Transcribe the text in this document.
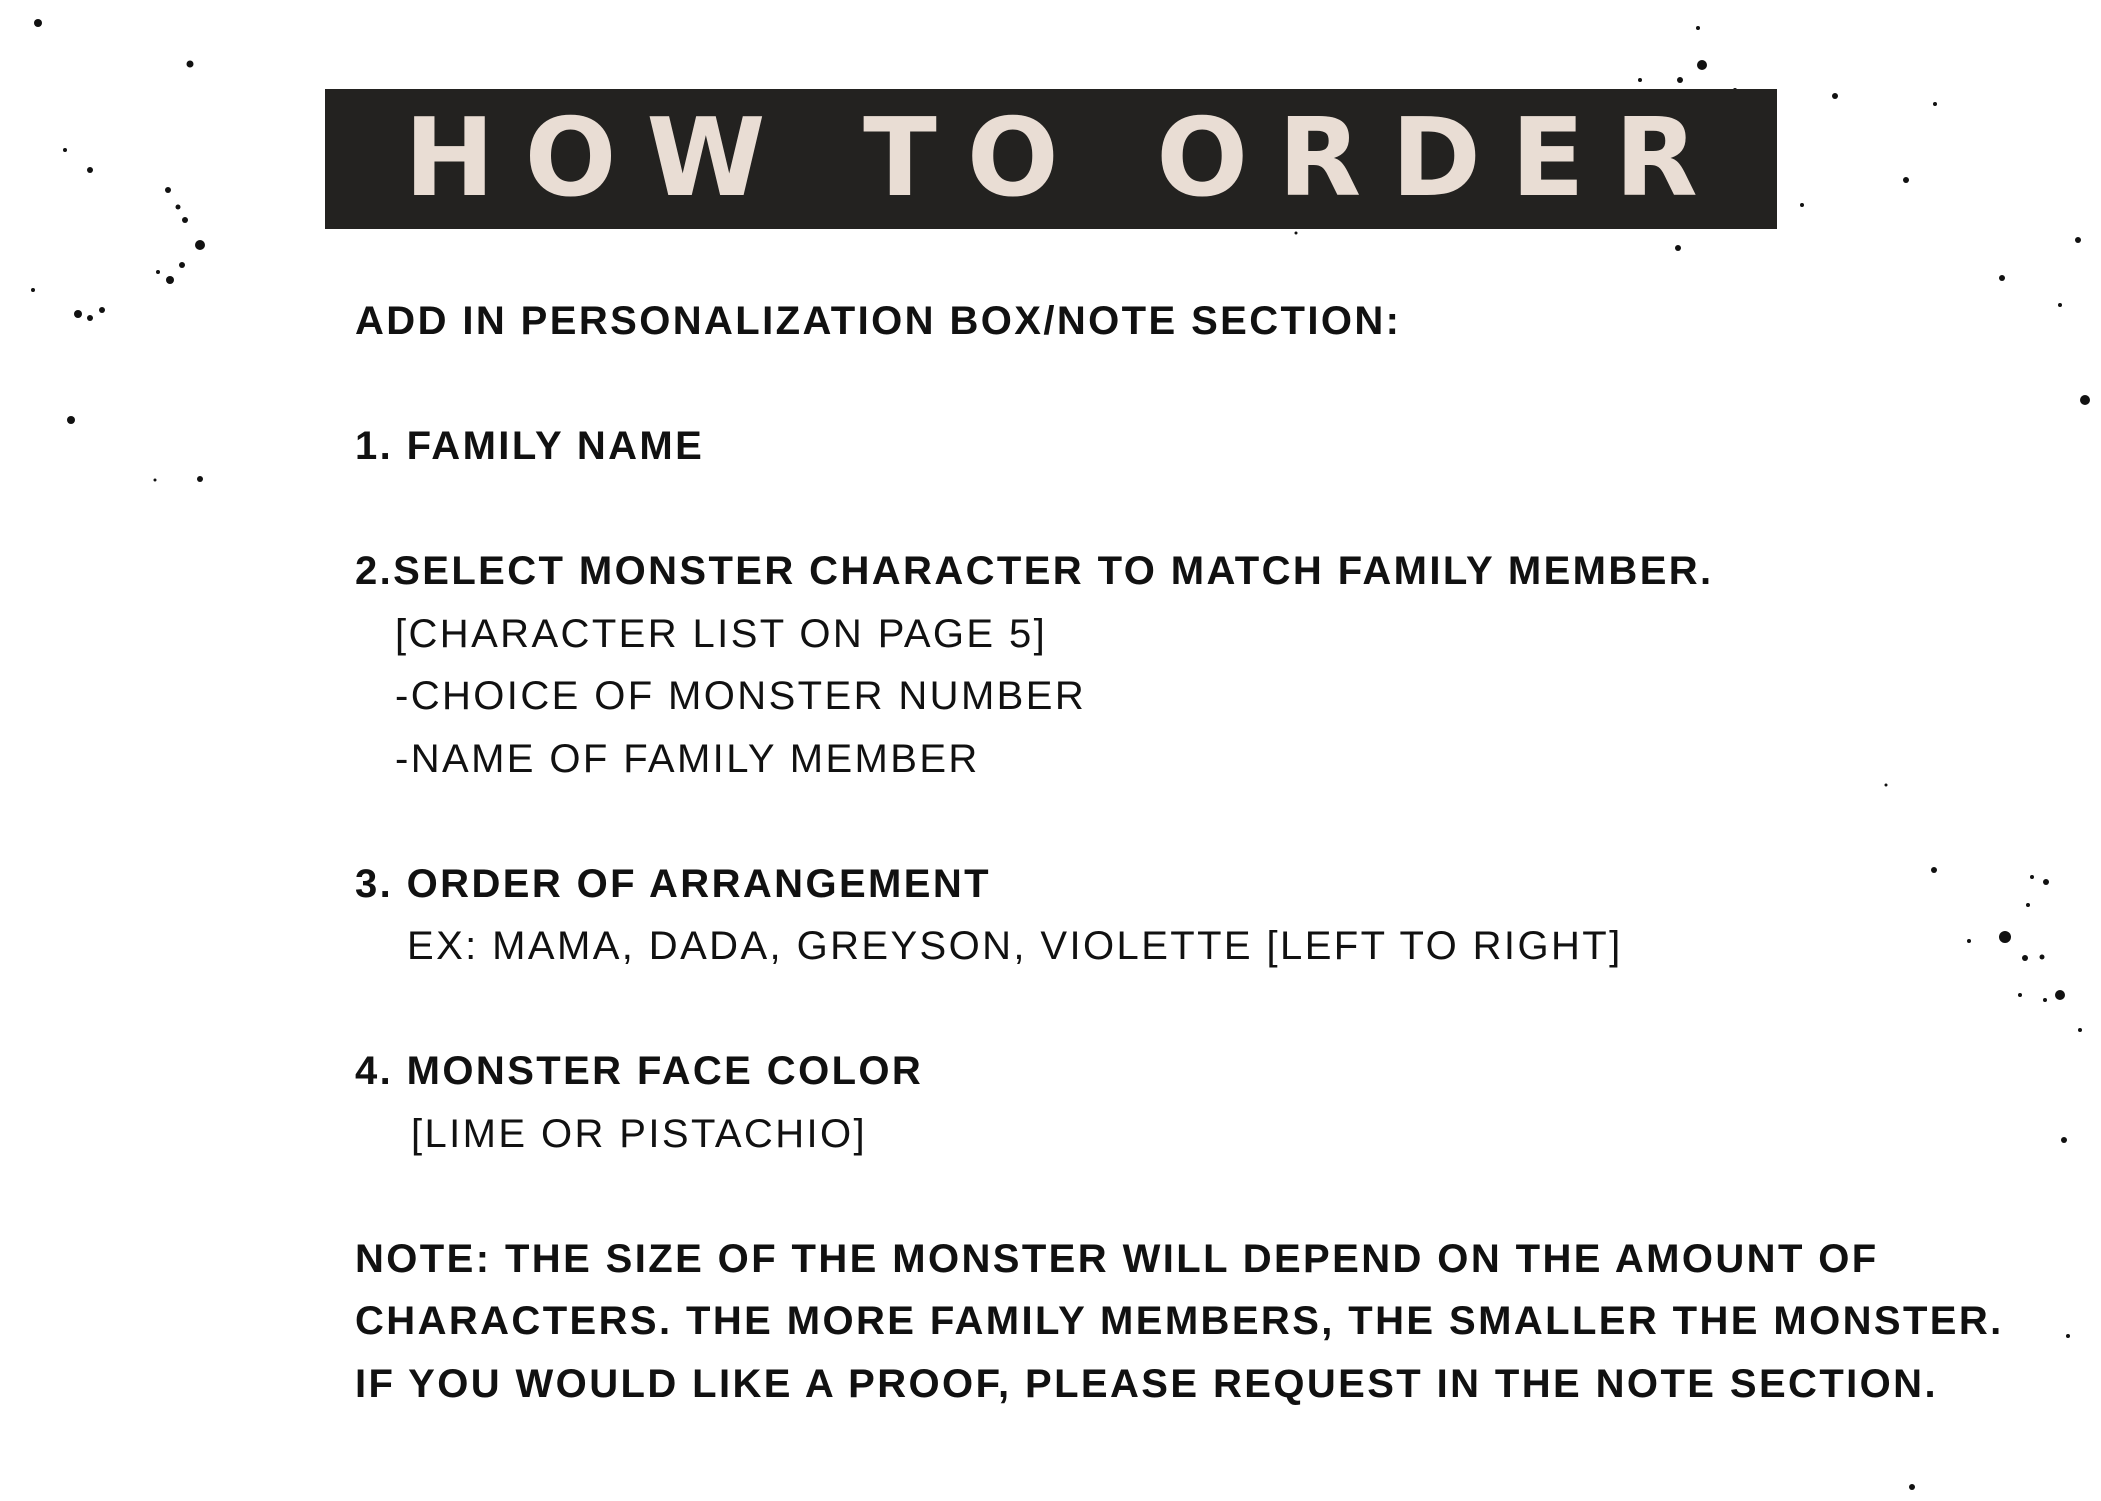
HOW TO ORDER
ADD IN PERSONALIZATION BOX/NOTE SECTION:
1. FAMILY NAME
2.SELECT MONSTER CHARACTER TO MATCH FAMILY MEMBER.
[CHARACTER LIST ON PAGE 5]
-CHOICE OF MONSTER NUMBER
-NAME OF FAMILY MEMBER
3. ORDER OF ARRANGEMENT
EX: MAMA, DADA, GREYSON, VIOLETTE [LEFT TO RIGHT]
4. MONSTER FACE COLOR
[LIME OR PISTACHIO]
NOTE: THE SIZE OF THE MONSTER WILL DEPEND ON THE AMOUNT OF
CHARACTERS. THE MORE FAMILY MEMBERS, THE SMALLER THE MONSTER.
IF YOU WOULD LIKE A PROOF, PLEASE REQUEST IN THE NOTE SECTION.
